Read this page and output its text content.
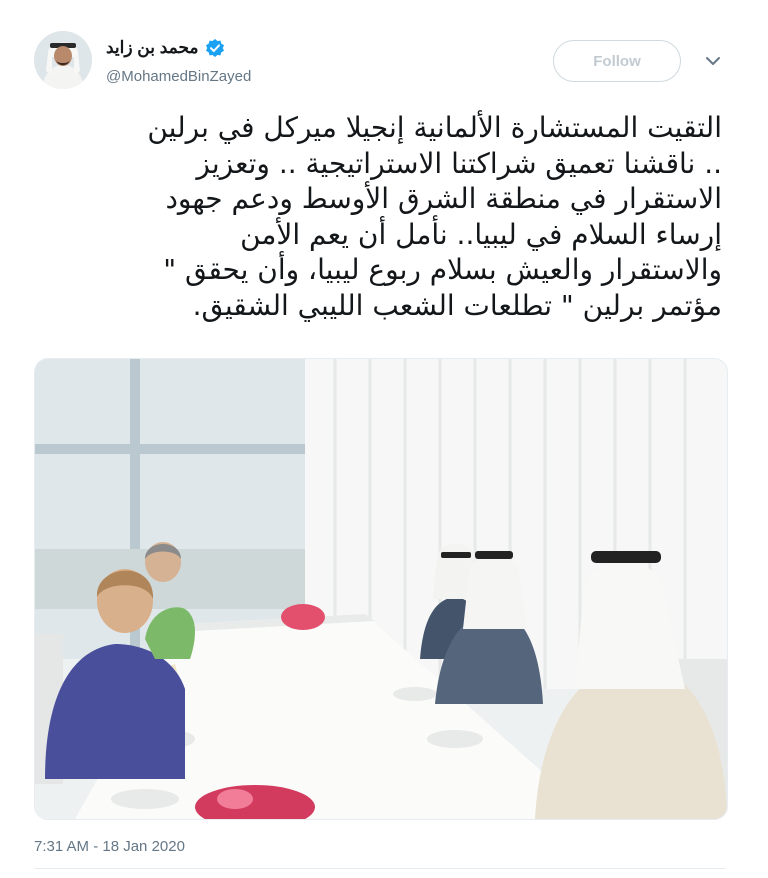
محمد بن زايد
@MohamedBinZayed
Follow

التقيت المستشارة الألمانية إنجيلا ميركل في برلين

.. ناقشنا تعميق شراكتنا الاستراتيجية .. وتعزيز

الاستقرار في منطقة الشرق الأوسط ودعم جهود

إرساء السلام في ليبيا.. نأمل أن يعم الأمن

والاستقرار والعيش بسلام ربوع ليبيا، وأن يحقق "

مؤتمر برلين " تطلعات الشعب الليبي الشقيق.

7:31 AM - 18 Jan 2020
